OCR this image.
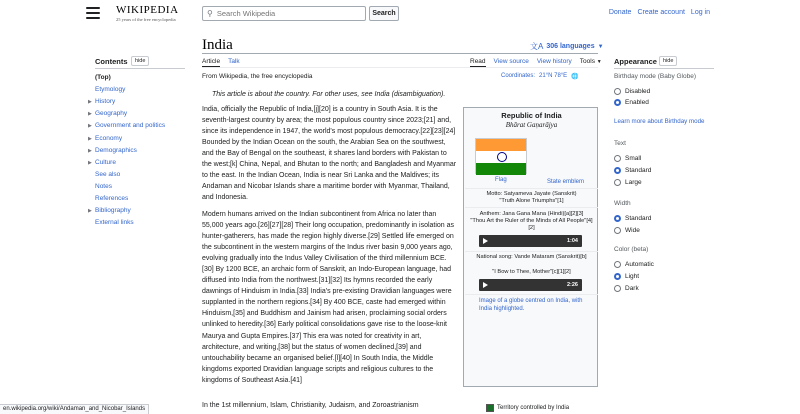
WIKIPEDIA
25 years of the free encyclopedia
⚲
Search Wikipedia	Search	Donate Create account Log in
Contents	hide
(Top)
Etymology
▶ History
▶ Geography
▶ Government and politics
▶ Economy
▶ Demographics
▶ Culture
See also
Notes
References
▶ Bibliography
External links
India	文A 306 languages ▼
Article Talk	Read View source View history Tools ▼
From Wikipedia, the free encyclopedia	Coordinates: 21°N 78°E 🌐
This article is about the country. For other uses, see India (disambiguation).
India, officially the Republic of India,[j][20] is a country in South Asia. It is the seventh-largest country by area; the most populous country since 2023;[21] and, since its independence in 1947, the world's most populous democracy.[22][23][24] Bounded by the Indian Ocean on the south, the Arabian Sea on the southwest, and the Bay of Bengal on the southeast, it shares land borders with Pakistan to the west;[k] China, Nepal, and Bhutan to the north; and Bangladesh and Myanmar to the east. In the Indian Ocean, India is near Sri Lanka and the Maldives; its Andaman and Nicobar Islands share a maritime border with Myanmar, Thailand, and Indonesia.
Modern humans arrived on the Indian subcontinent from Africa no later than 55,000 years ago.[26][27][28] Their long occupation, predominantly in isolation as hunter-gatherers, has made the region highly diverse.[29] Settled life emerged on the subcontinent in the western margins of the Indus river basin 9,000 years ago, evolving gradually into the Indus Valley Civilisation of the third millennium BCE.[30] By 1200 BCE, an archaic form of Sanskrit, an Indo-European language, had diffused into India from the northwest.[31][32] Its hymns recorded the early dawnings of Hinduism in India.[33] India's pre-existing Dravidian languages were supplanted in the northern regions.[34] By 400 BCE, caste had emerged within Hinduism,[35] and Buddhism and Jainism had arisen, proclaiming social orders unlinked to heredity.[36] Early political consolidations gave rise to the loose-knit Maurya and Gupta Empires.[37] This era was noted for creativity in art, architecture, and writing,[38] but the status of women declined,[39] and untouchability became an organised belief.[l][40] In South India, the Middle kingdoms exported Dravidian language scripts and religious cultures to the kingdoms of Southeast Asia.[41]
In the 1st millennium, Islam, Christianity, Judaism, and Zoroastrianism
Republic of India
Bhārat Gaṇarājya
Flag	State emblem
Motto: Satyameva Jayate (Sanskrit)
"Truth Alone Triumphs"[1]
Anthem: Jana Gana Mana (Hindi)[a][2][3]
"Thou Art the Ruler of the Minds of All People"[4][2]
1:04
National song: Vande Mataram (Sanskrit)[b]
"I Bow to Thee, Mother"[c][1][2]
2:26
Image of a globe centred on India, with India highlighted.
Territory controlled by India
Appearance	hide
Birthday mode (Baby Globe)
Disabled
Enabled
Learn more about Birthday mode
Text
Small
Standard
Large
Width
Standard
Wide
Color (beta)
Automatic
Light
Dark
en.wikipedia.org/wiki/Andaman_and_Nicobar_Islands
